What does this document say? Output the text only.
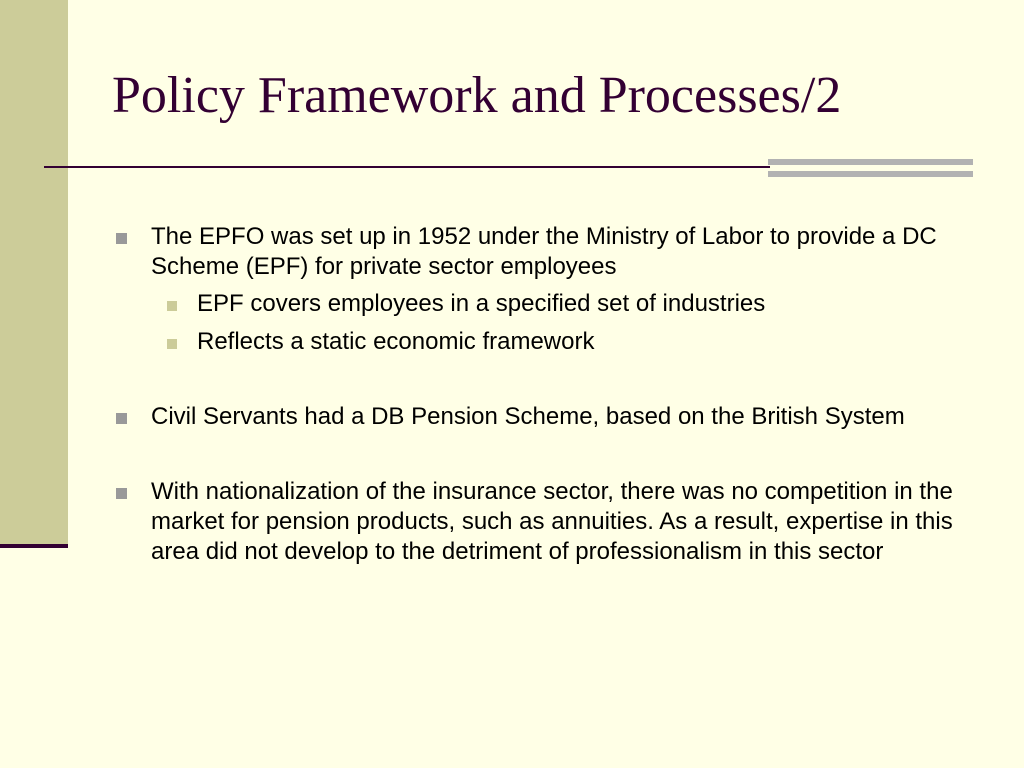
Policy Framework and Processes/2
The EPFO was set up in 1952 under the Ministry of Labor to provide a DC Scheme (EPF) for private sector employees
EPF covers employees in a specified set of industries
Reflects a static economic framework
Civil Servants had a DB Pension Scheme, based on the British System
With nationalization of the insurance sector, there was no competition in the market for pension products, such as annuities. As a result, expertise in this area did not develop to the detriment of professionalism in this sector
